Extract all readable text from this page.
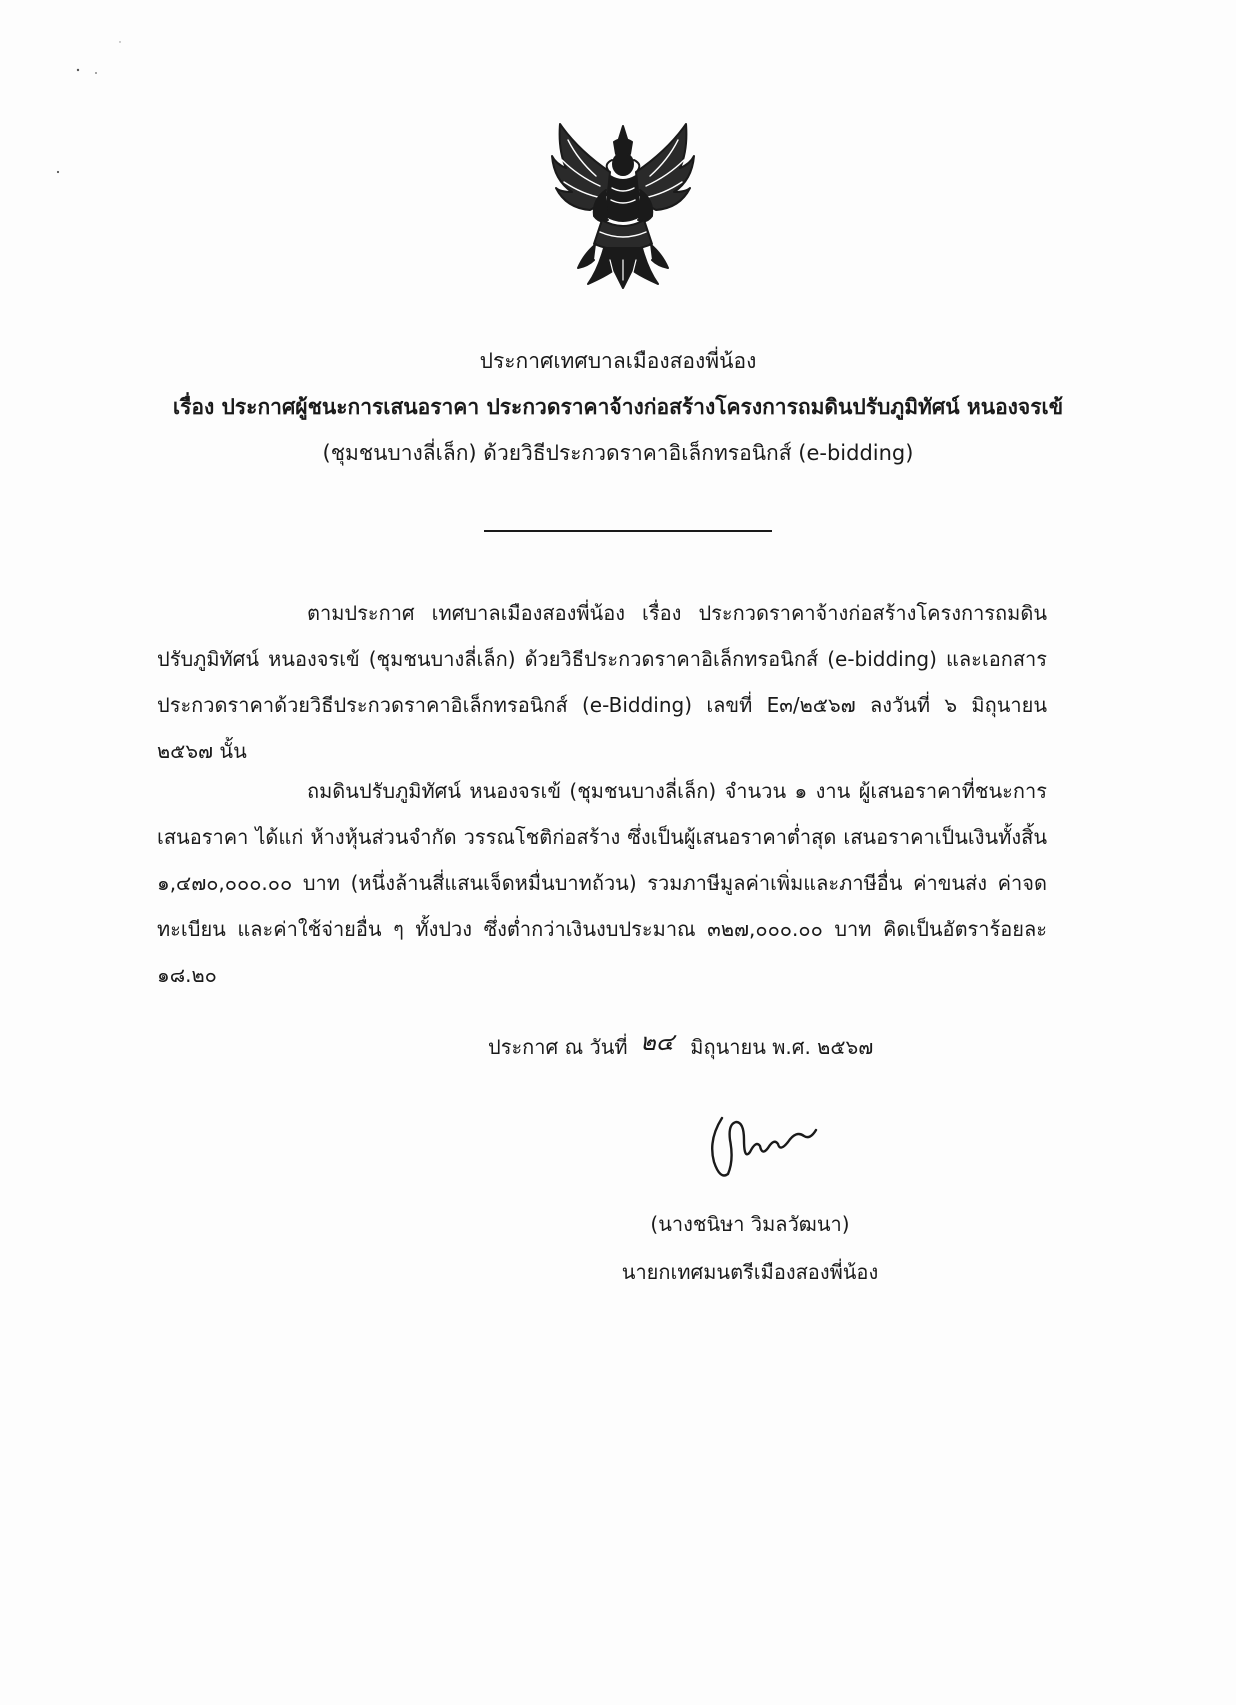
ประกาศเทศบาลเมืองสองพี่น้อง
เรื่อง ประกาศผู้ชนะการเสนอราคา ประกวดราคาจ้างก่อสร้างโครงการถมดินปรับภูมิทัศน์ หนองจรเข้
(ชุมชนบางลี่เล็ก) ด้วยวิธีประกวดราคาอิเล็กทรอนิกส์ (e-bidding)
ตามประกาศ เทศบาลเมืองสองพี่น้อง เรื่อง ประกวดราคาจ้างก่อสร้างโครงการถมดินปรับภูมิทัศน์ หนองจรเข้ (ชุมชนบางลี่เล็ก) ด้วยวิธีประกวดราคาอิเล็กทรอนิกส์ (e-bidding) และเอกสารประกวดราคาด้วยวิธีประกวดราคาอิเล็กทรอนิกส์ (e-Bidding) เลขที่ E๓/๒๕๖๗ ลงวันที่ ๖ มิถุนายน ๒๕๖๗ นั้น
ถมดินปรับภูมิทัศน์ หนองจรเข้ (ชุมชนบางลี่เล็ก) จำนวน ๑ งาน ผู้เสนอราคาที่ชนะการเสนอราคา ได้แก่ ห้างหุ้นส่วนจำกัด วรรณโชติก่อสร้าง ซึ่งเป็นผู้เสนอราคาต่ำสุด เสนอราคาเป็นเงินทั้งสิ้น ๑,๔๗๐,๐๐๐.๐๐ บาท (หนึ่งล้านสี่แสนเจ็ดหมื่นบาทถ้วน) รวมภาษีมูลค่าเพิ่มและภาษีอื่น ค่าขนส่ง ค่าจดทะเบียน และค่าใช้จ่ายอื่น ๆ ทั้งปวง ซึ่งต่ำกว่าเงินงบประมาณ ๓๒๗,๐๐๐.๐๐ บาท คิดเป็นอัตราร้อยละ ๑๘.๒๐
ประกาศ ณ วันที่ ๒๔ มิถุนายน พ.ศ. ๒๕๖๗
(นางชนิษา วิมลวัฒนา)
นายกเทศมนตรีเมืองสองพี่น้อง
